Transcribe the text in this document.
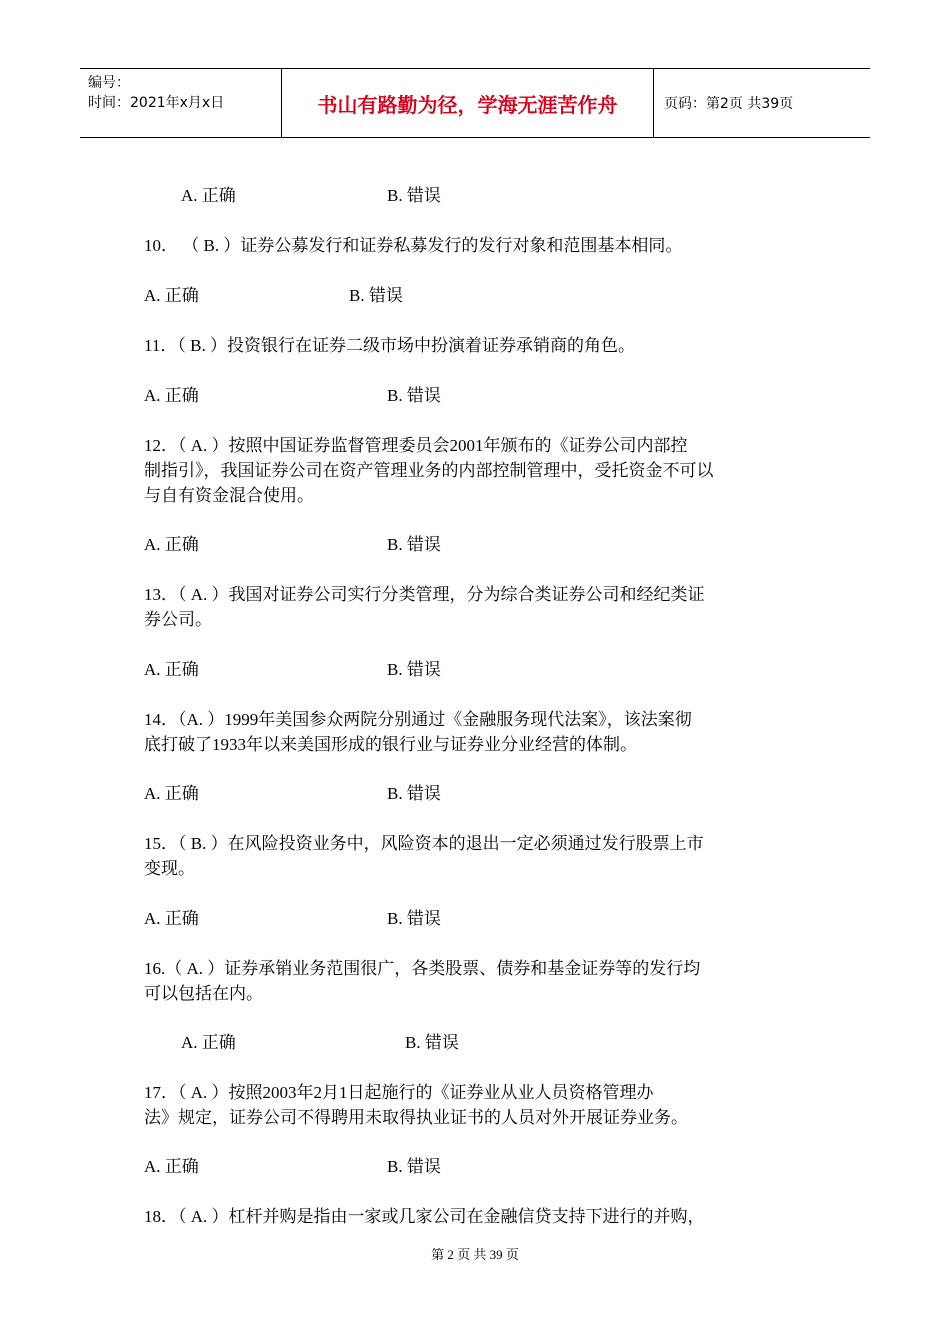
编号：
时间：2021年x月x日	书山有路勤为径，学海无涯苦作舟	页码：第2页 共39页
A. 正确	B. 错误
10． （ B. ）证券公募发行和证券私募发行的发行对象和范围基本相同。
A. 正确	B. 错误
11．（ B. ）投资银行在证券二级市场中扮演着证券承销商的角色。
A. 正确	B. 错误
12．（ A. ）按照中国证券监督管理委员会2001年颁布的《证券公司内部控
制指引》，我国证券公司在资产管理业务的内部控制管理中，受托资金不可以
与自有资金混合使用。
A. 正确	B. 错误
13．（ A. ）我国对证券公司实行分类管理，分为综合类证券公司和经纪类证
券公司。
A. 正确	B. 错误
14．（A. ）1999年美国参众两院分别通过《金融服务现代法案》，该法案彻
底打破了1933年以来美国形成的银行业与证券业分业经营的体制。
A. 正确	B. 错误
15．（ B. ）在风险投资业务中，风险资本的退出一定必须通过发行股票上市
变现。
A. 正确	B. 错误
16.（ A. ）证券承销业务范围很广，各类股票、债券和基金证券等的发行均
可以包括在内。
A. 正确	B. 错误
17．（ A. ）按照2003年2月1日起施行的《证券业从业人员资格管理办
法》规定，证券公司不得聘用未取得执业证书的人员对外开展证券业务。
A. 正确	B. 错误
18．（ A. ）杠杆并购是指由一家或几家公司在金融信贷支持下进行的并购，
第 2 页 共 39 页
